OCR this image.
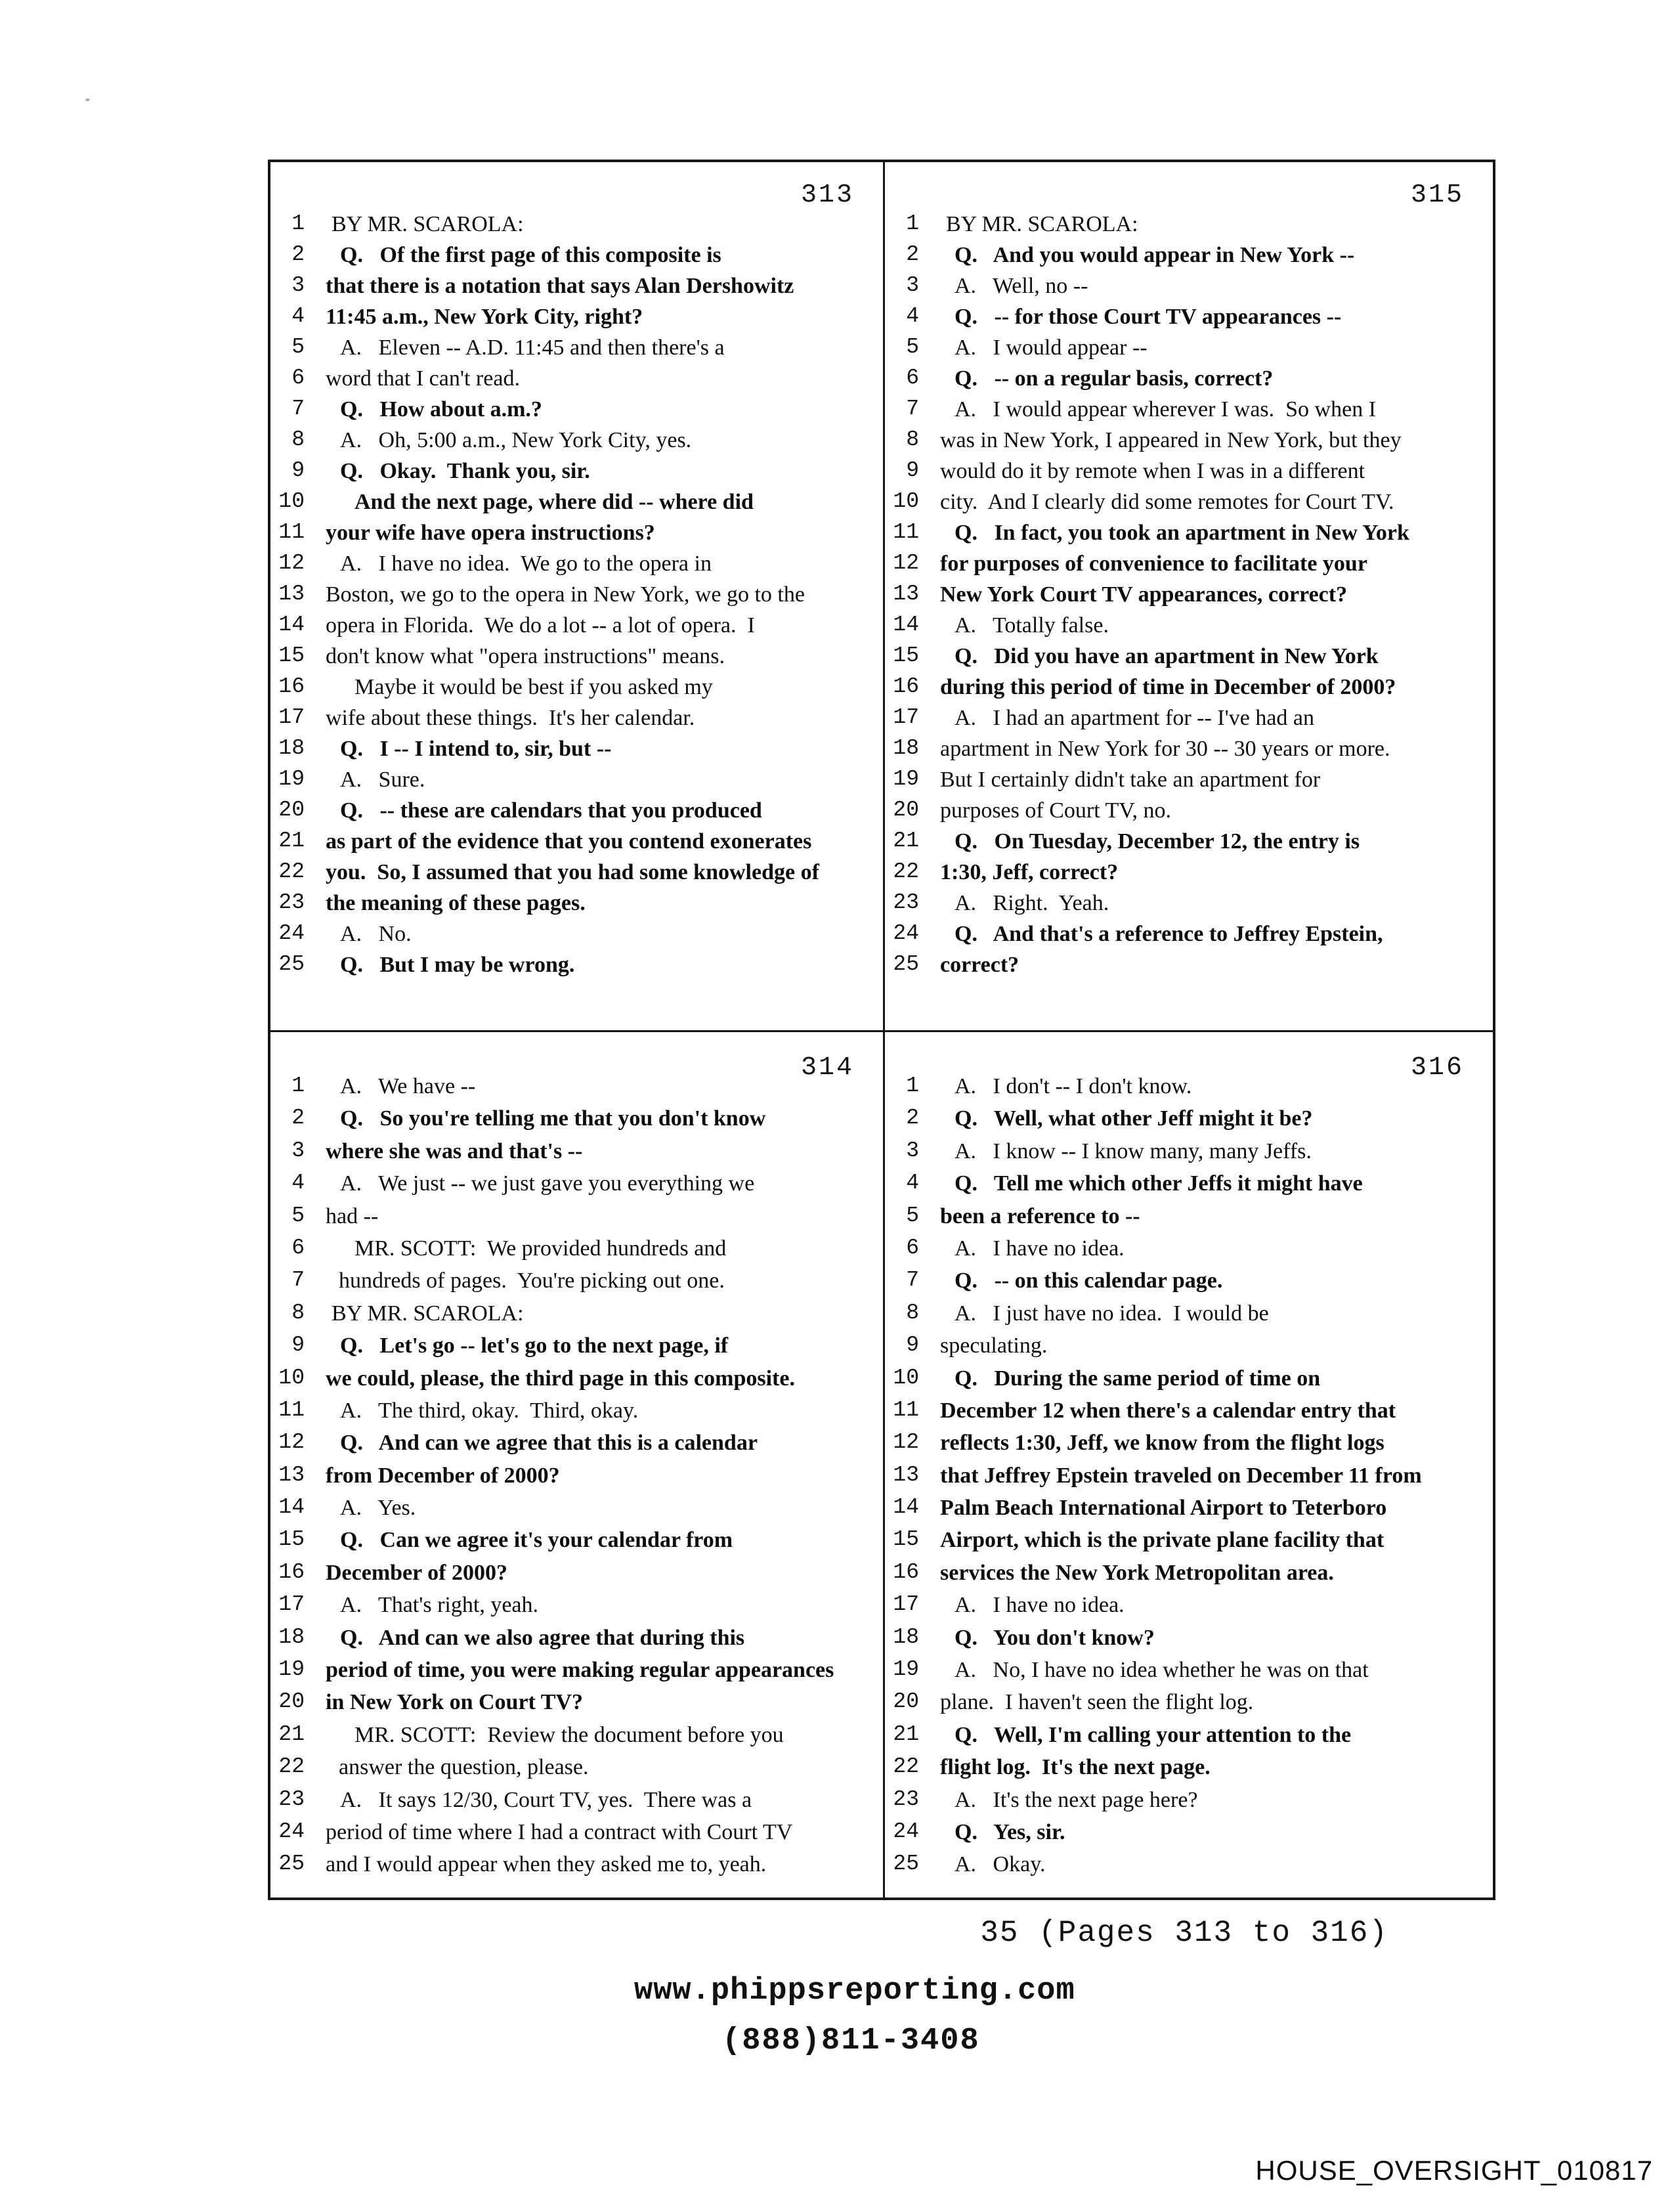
313
1 BY MR. SCAROLA:
2 Q.   Of the first page of this composite is
3 that there is a notation that says Alan Dershowitz
4 11:45 a.m., New York City, right?
5 A.   Eleven -- A.D. 11:45 and then there's a
6 word that I can't read.
7 Q.   How about a.m.?
8 A.   Oh, 5:00 a.m., New York City, yes.
9 Q.   Okay.  Thank you, sir.
10 And the next page, where did -- where did
11 your wife have opera instructions?
12 A.   I have no idea.  We go to the opera in
13 Boston, we go to the opera in New York, we go to the
14 opera in Florida.  We do a lot -- a lot of opera.  I
15 don't know what "opera instructions" means.
16 Maybe it would be best if you asked my
17 wife about these things.  It's her calendar.
18 Q.   I -- I intend to, sir, but --
19 A.   Sure.
20 Q.   -- these are calendars that you produced
21 as part of the evidence that you contend exonerates
22 you.  So, I assumed that you had some knowledge of
23 the meaning of these pages.
24 A.   No.
25 Q.   But I may be wrong.
315
1 BY MR. SCAROLA:
2 Q.   And you would appear in New York --
3 A.   Well, no --
4 Q.   -- for those Court TV appearances --
5 A.   I would appear --
6 Q.   -- on a regular basis, correct?
7 A.   I would appear wherever I was.  So when I
8 was in New York, I appeared in New York, but they
9 would do it by remote when I was in a different
10 city.  And I clearly did some remotes for Court TV.
11 Q.   In fact, you took an apartment in New York
12 for purposes of convenience to facilitate your
13 New York Court TV appearances, correct?
14 A.   Totally false.
15 Q.   Did you have an apartment in New York
16 during this period of time in December of 2000?
17 A.   I had an apartment for -- I've had an
18 apartment in New York for 30 -- 30 years or more.
19 But I certainly didn't take an apartment for
20 purposes of Court TV, no.
21 Q.   On Tuesday, December 12, the entry is
22 1:30, Jeff, correct?
23 A.   Right.  Yeah.
24 Q.   And that's a reference to Jeffrey Epstein,
25 correct?
314
1 A.   We have --
2 Q.   So you're telling me that you don't know
3 where she was and that's --
4 A.   We just -- we just gave you everything we
5 had --
6 MR. SCOTT:  We provided hundreds and
7 hundreds of pages.  You're picking out one.
8 BY MR. SCAROLA:
9 Q.   Let's go -- let's go to the next page, if
10 we could, please, the third page in this composite.
11 A.   The third, okay.  Third, okay.
12 Q.   And can we agree that this is a calendar
13 from December of 2000?
14 A.   Yes.
15 Q.   Can we agree it's your calendar from
16 December of 2000?
17 A.   That's right, yeah.
18 Q.   And can we also agree that during this
19 period of time, you were making regular appearances
20 in New York on Court TV?
21 MR. SCOTT:  Review the document before you
22 answer the question, please.
23 A.   It says 12/30, Court TV, yes.  There was a
24 period of time where I had a contract with Court TV
25 and I would appear when they asked me to, yeah.
316
1 A.   I don't -- I don't know.
2 Q.   Well, what other Jeff might it be?
3 A.   I know -- I know many, many Jeffs.
4 Q.   Tell me which other Jeffs it might have
5 been a reference to --
6 A.   I have no idea.
7 Q.   -- on this calendar page.
8 A.   I just have no idea.  I would be
9 speculating.
10 Q.   During the same period of time on
11 December 12 when there's a calendar entry that
12 reflects 1:30, Jeff, we know from the flight logs
13 that Jeffrey Epstein traveled on December 11 from
14 Palm Beach International Airport to Teterboro
15 Airport, which is the private plane facility that
16 services the New York Metropolitan area.
17 A.   I have no idea.
18 Q.   You don't know?
19 A.   No, I have no idea whether he was on that
20 plane.  I haven't seen the flight log.
21 Q.   Well, I'm calling your attention to the
22 flight log.  It's the next page.
23 A.   It's the next page here?
24 Q.   Yes, sir.
25 A.   Okay.
35 (Pages 313 to 316)
www.phippsreporting.com
(888)811-3408
HOUSE_OVERSIGHT_010817
